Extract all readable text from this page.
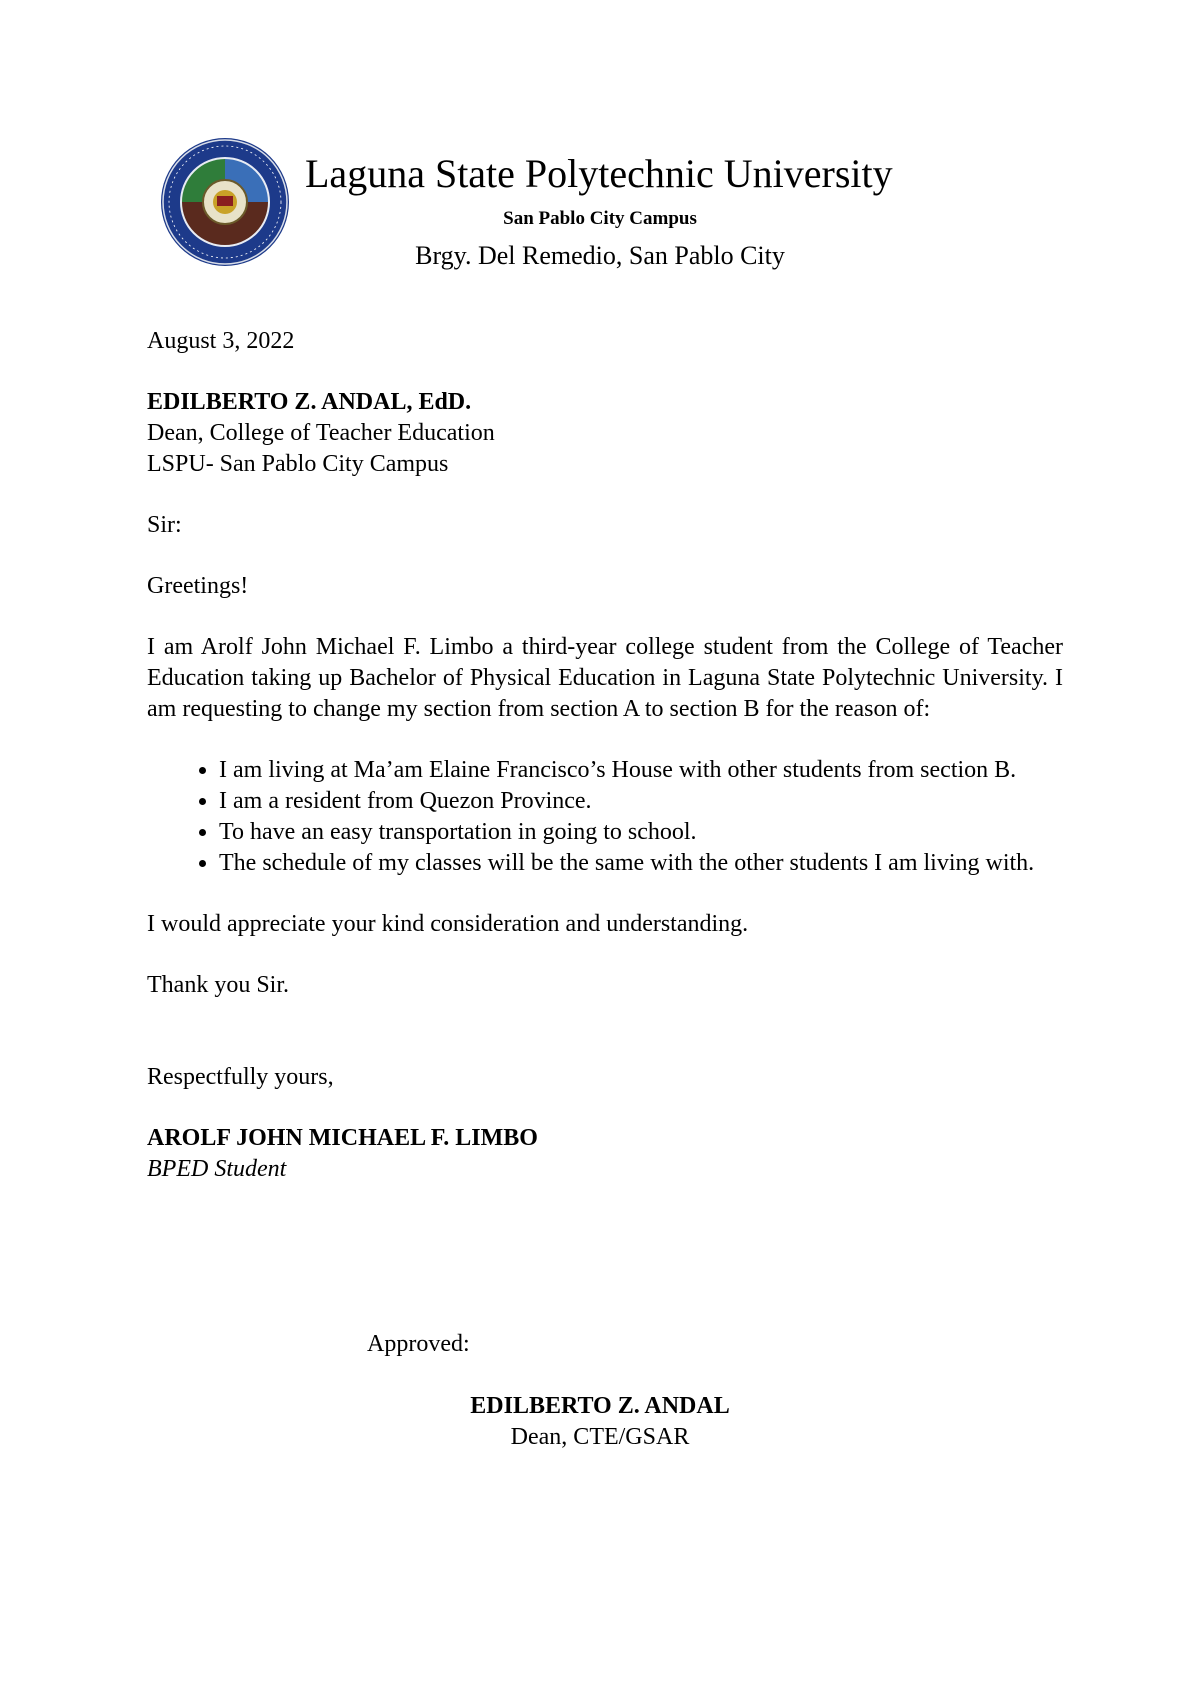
Laguna State Polytechnic University
San Pablo City Campus
Brgy. Del Remedio, San Pablo City

August 3, 2022

EDILBERTO Z. ANDAL, EdD.

Dean, College of Teacher Education

LSPU- San Pablo City Campus

Sir:

Greetings!

I am Arolf John Michael F. Limbo a third-year college student from the College of Teacher Education taking up Bachelor of Physical Education in Laguna State Polytechnic University. I am requesting to change my section from section A to section B for the reason of:

• I am living at Ma’am Elaine Francisco’s House with other students from section B.
• I am a resident from Quezon Province.
• To have an easy transportation in going to school.
• The schedule of my classes will be the same with the other students I am living with.

I would appreciate your kind consideration and understanding.

Thank you Sir.

Respectfully yours,

AROLF JOHN MICHAEL F. LIMBO

BPED Student

Approved:
EDILBERTO Z. ANDAL
Dean, CTE/GSAR
